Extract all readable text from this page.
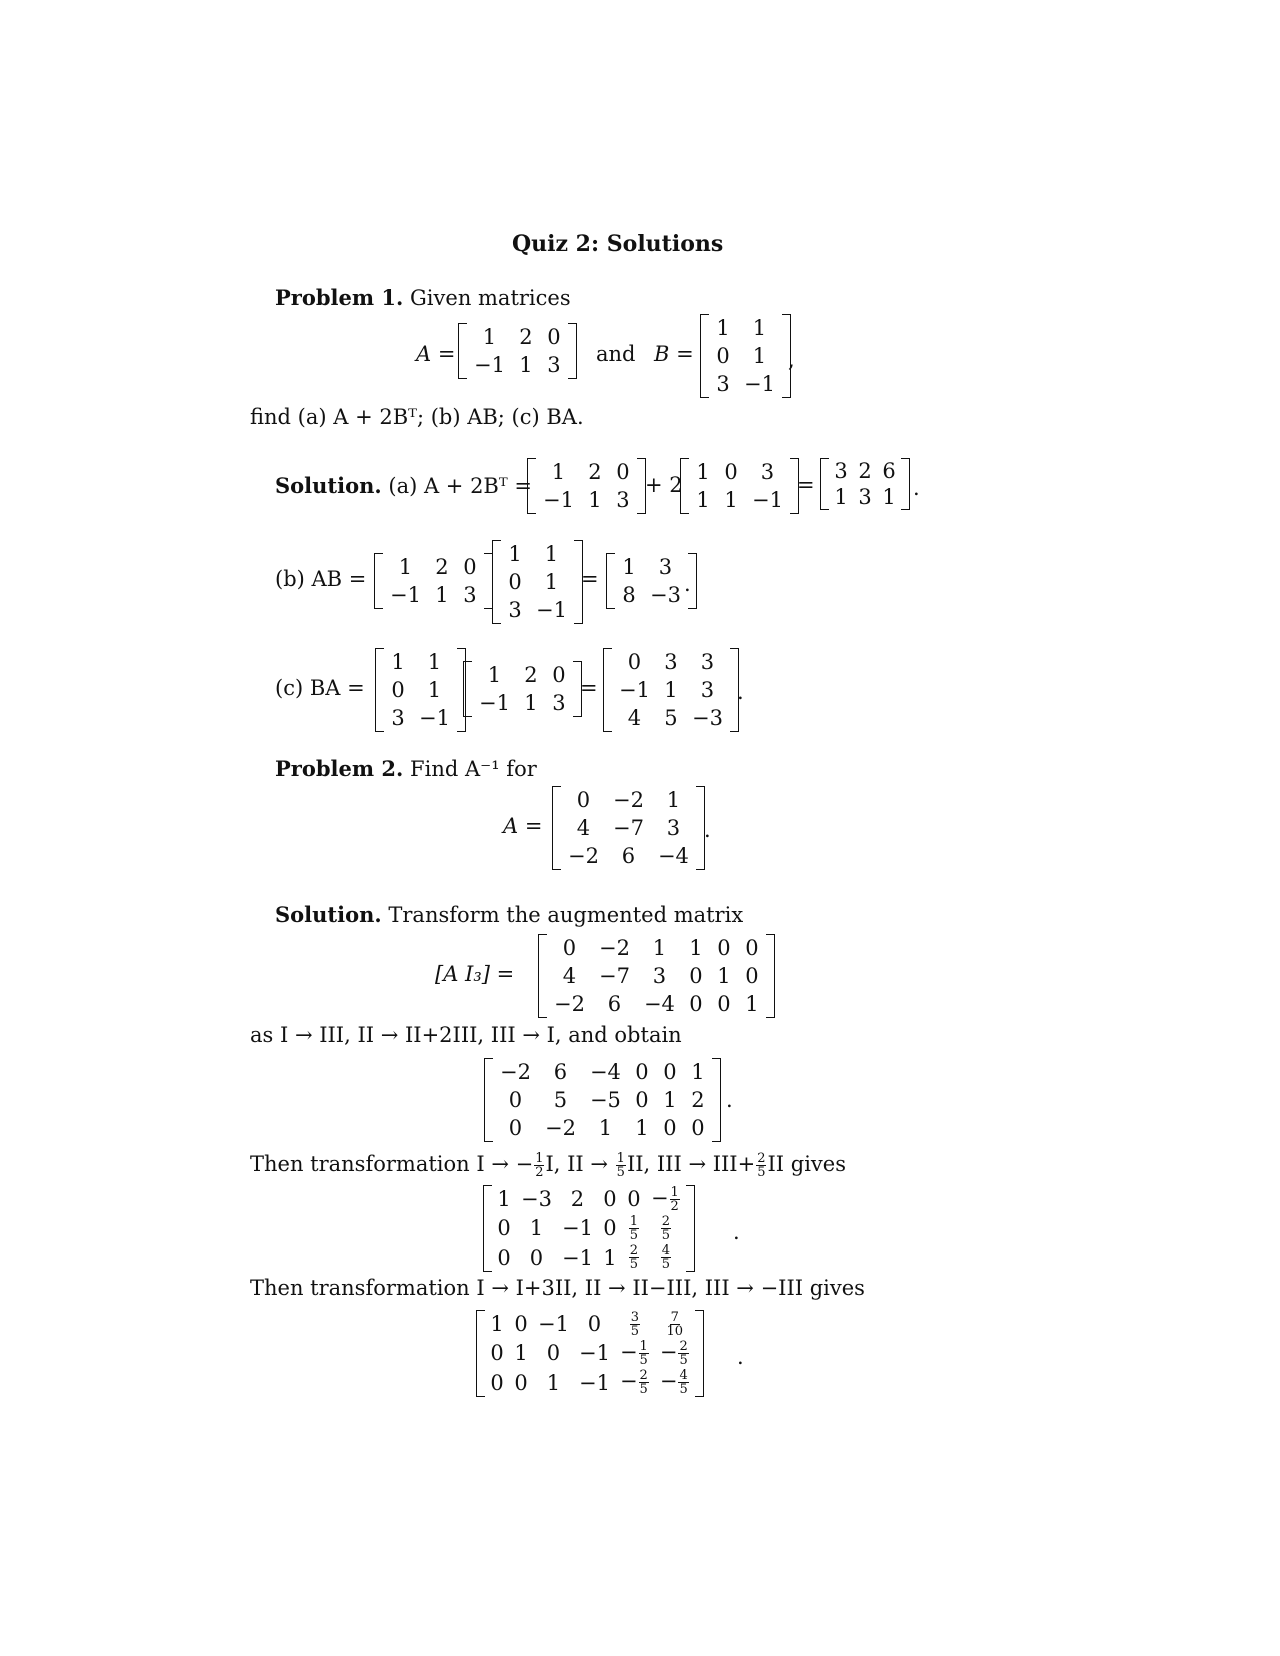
Quiz 2: Solutions
Problem 1. Given matrices
A =
1	2	0
−1	1	3 and B =
1	1
0	1
3	−1
,
find (a) A + 2Bᵀ; (b) AB; (c) BA.
Solution. (a) A + 2Bᵀ =
1	2	0
−1	1	3
+ 2
1	0	3
1	1	−1
=
3	2	6
1	3	1 .
(b) AB = 1	2	0
−1	1	3
1	1
0	1
3	−1
= 1	3
8	−3 .
(c) BA =
1	1
0	1
3	−1
1	2	0
−1	1	3
=
0	3	3
−1	1	3
4	5	−3
.
Problem 2. Find A⁻¹ for
A =
0	−2	1
4	−7	3
−2	6	−4
.
Solution. Transform the augmented matrix
[A I₃] =
0	−2	1	1	0	0
4	−7	3	0	1	0
−2	6	−4	0	0	1
as I → III, II → II+2III, III → I, and obtain
−2	6	−4	0	0	1
0	5	−5	0	1	2
0	−2	1	1	0	0
.
Then transformation I → − $\frac{1}{2} I$, II → $\frac{1}{5}$ II, III → $III+ \frac{2}{5}$ II gives
1	−3	2	0	0	− $\frac{1}{2}$

0	1	−1	0	$\frac{1}{5}$	$\frac{2}{5}$

0	0	−1	1	$\frac{2}{5}$	$\frac{4}{5}$
.
Then transformation I → I+3II, II → II−III, III → −III gives
1	0	−1	0	$\frac{3}{5}$	$\frac{7}{10}$

0	1	0	−1	− $\frac{1}{5}$	− $\frac{2}{5}$

0	0	1	−1	− $\frac{2}{5}$	− $\frac{4}{5}$
.
